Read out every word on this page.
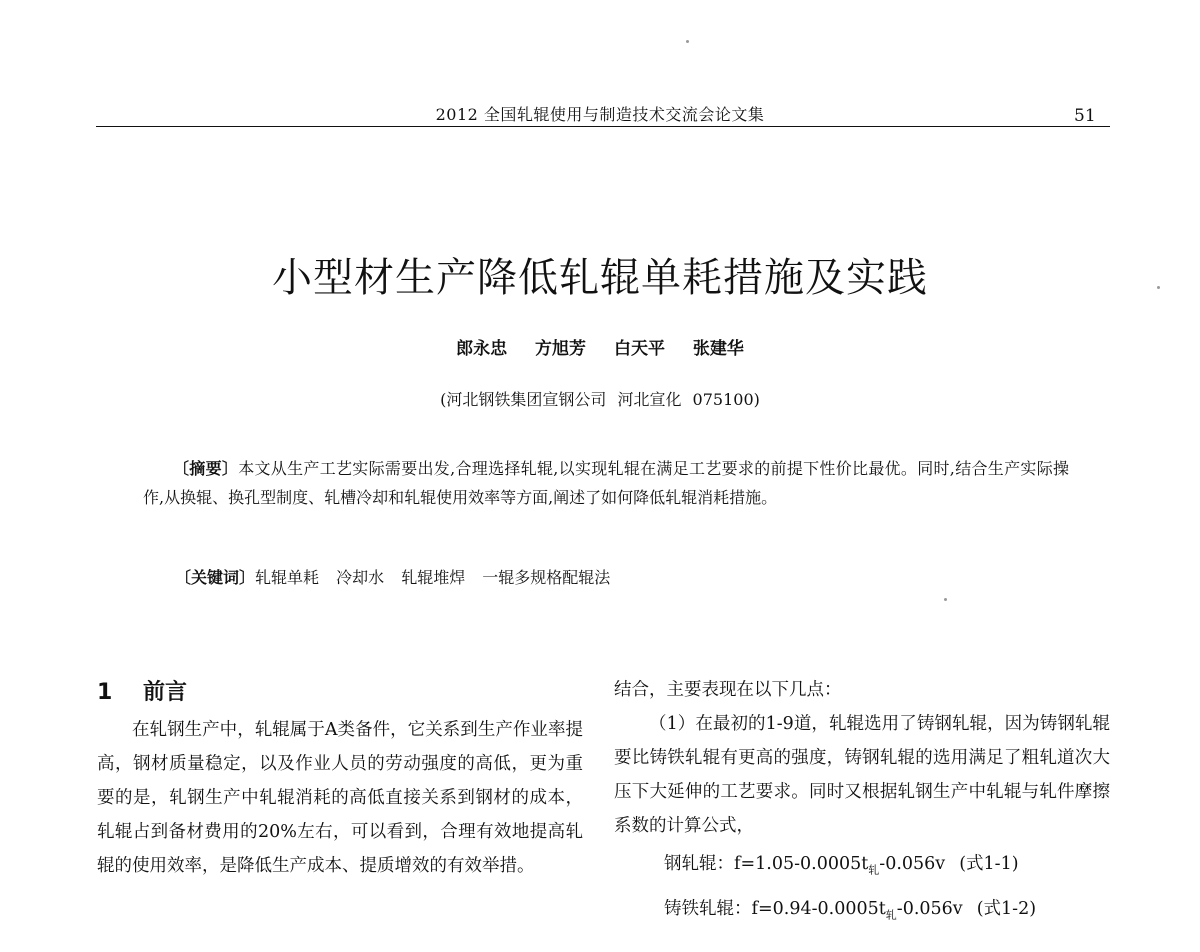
2012 全国轧辊使用与制造技术交流会论文集	51
小型材生产降低轧辊单耗措施及实践
郎永忠 方旭芳 白天平 张建华
(河北钢铁集团宣钢公司 河北宣化 075100)
〔摘要〕本文从生产工艺实际需要出发,合理选择轧辊,以实现轧辊在满足工艺要求的前提下性价比最优。同时,结合生产实际操作,从换辊、换孔型制度、轧槽冷却和轧辊使用效率等方面,阐述了如何降低轧辊消耗措施。
〔关键词〕轧辊单耗 冷却水 轧辊堆焊 一辊多规格配辊法
1 前言

在轧钢生产中，轧辊属于A类备件，它关系到生产作业率提高，钢材质量稳定，以及作业人员的劳动强度的高低，更为重要的是，轧钢生产中轧辊消耗的高低直接关系到钢材的成本，轧辊占到备材费用的20%左右，可以看到，合理有效地提高轧辊的使用效率，是降低生产成本、提质增效的有效举措。

结合，主要表现在以下几点：

（1）在最初的1-9道，轧辊选用了铸钢轧辊，因为铸钢轧辊要比铸铁轧辊有更高的强度，铸钢轧辊的选用满足了粗轧道次大压下大延伸的工艺要求。同时又根据轧钢生产中轧辊与轧件摩擦系数的计算公式，

钢轧辊：$f=1.05-0.0005t_轧-0.056v$ (式1-1)
铸铁轧辊：$f=0.94-0.0005t_轧-0.056v$ (式1-2)
